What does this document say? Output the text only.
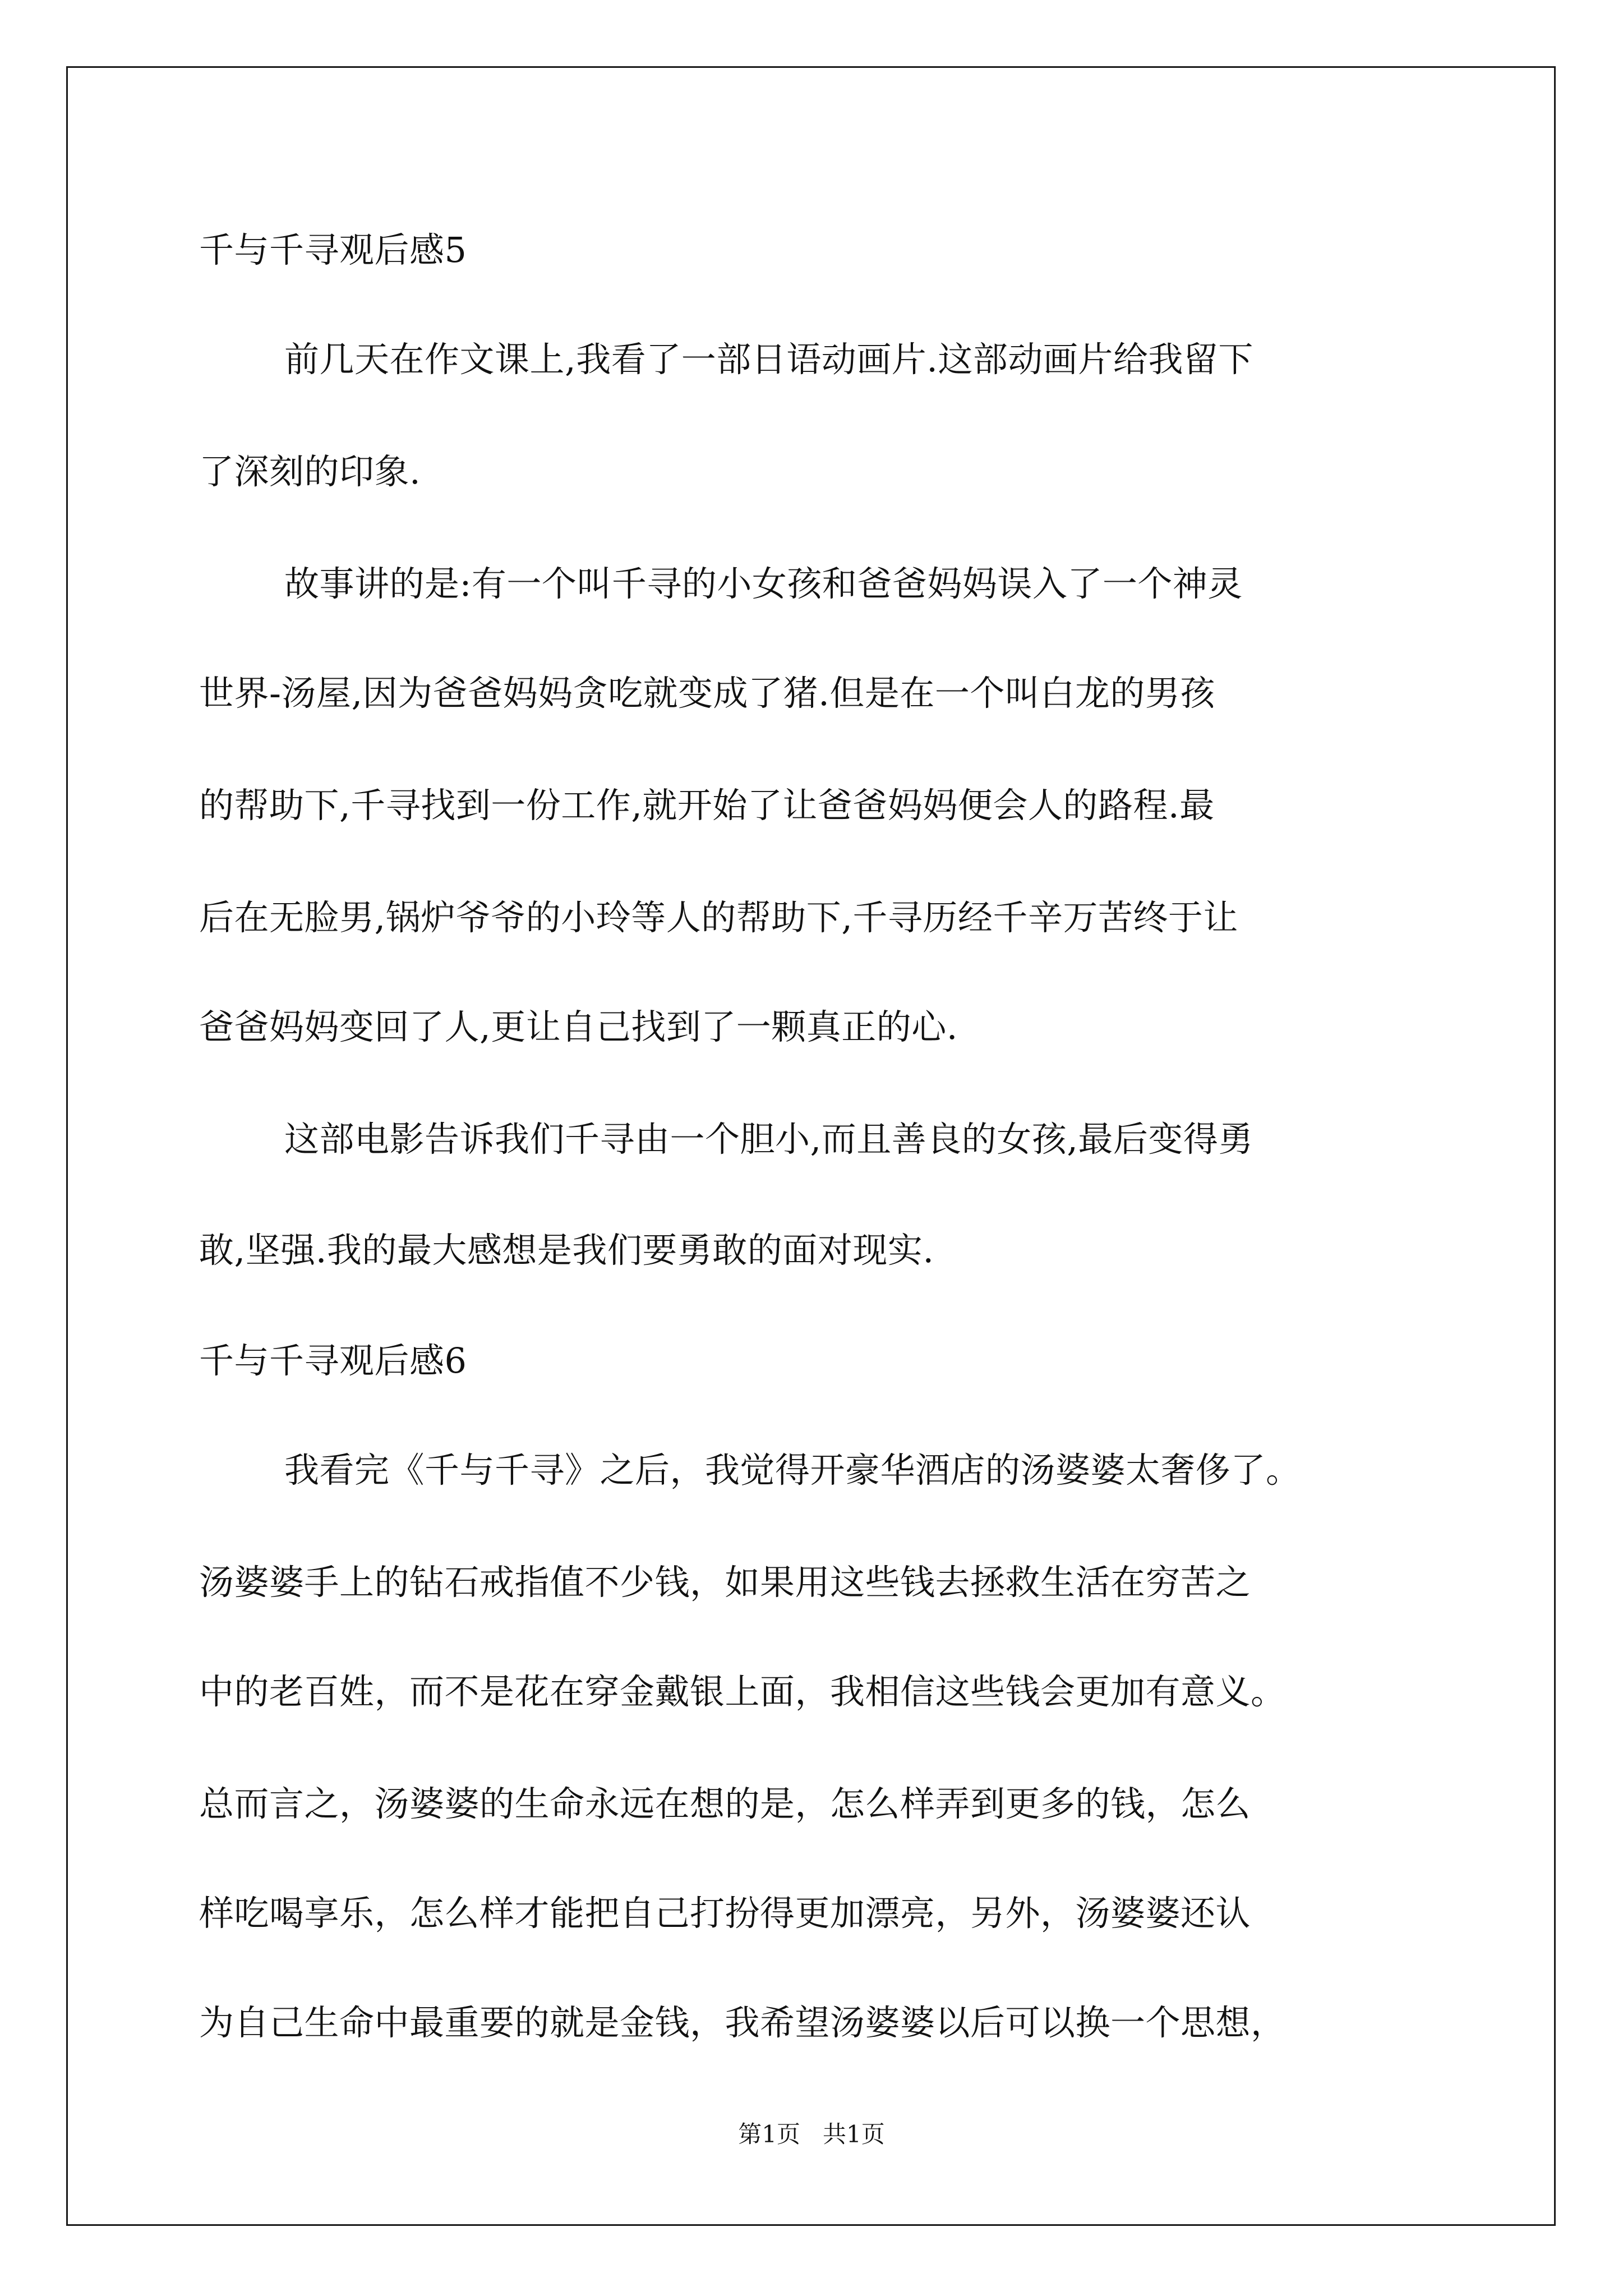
千与千寻观后感5
前几天在作文课上,我看了一部日语动画片.这部动画片给我留下
了深刻的印象.
故事讲的是:有一个叫千寻的小女孩和爸爸妈妈误入了一个神灵
世界-汤屋,因为爸爸妈妈贪吃就变成了猪.但是在一个叫白龙的男孩
的帮助下,千寻找到一份工作,就开始了让爸爸妈妈便会人的路程.最
后在无脸男,锅炉爷爷的小玲等人的帮助下,千寻历经千辛万苦终于让
爸爸妈妈变回了人,更让自己找到了一颗真正的心.
这部电影告诉我们千寻由一个胆小,而且善良的女孩,最后变得勇
敢,坚强.我的最大感想是我们要勇敢的面对现实.
千与千寻观后感6
我看完《千与千寻》之后，我觉得开豪华酒店的汤婆婆太奢侈了。
汤婆婆手上的钻石戒指值不少钱，如果用这些钱去拯救生活在穷苦之
中的老百姓，而不是花在穿金戴银上面，我相信这些钱会更加有意义。
总而言之，汤婆婆的生命永远在想的是，怎么样弄到更多的钱，怎么
样吃喝享乐，怎么样才能把自己打扮得更加漂亮，另外，汤婆婆还认
为自己生命中最重要的就是金钱，我希望汤婆婆以后可以换一个思想，
第1页   共1页
